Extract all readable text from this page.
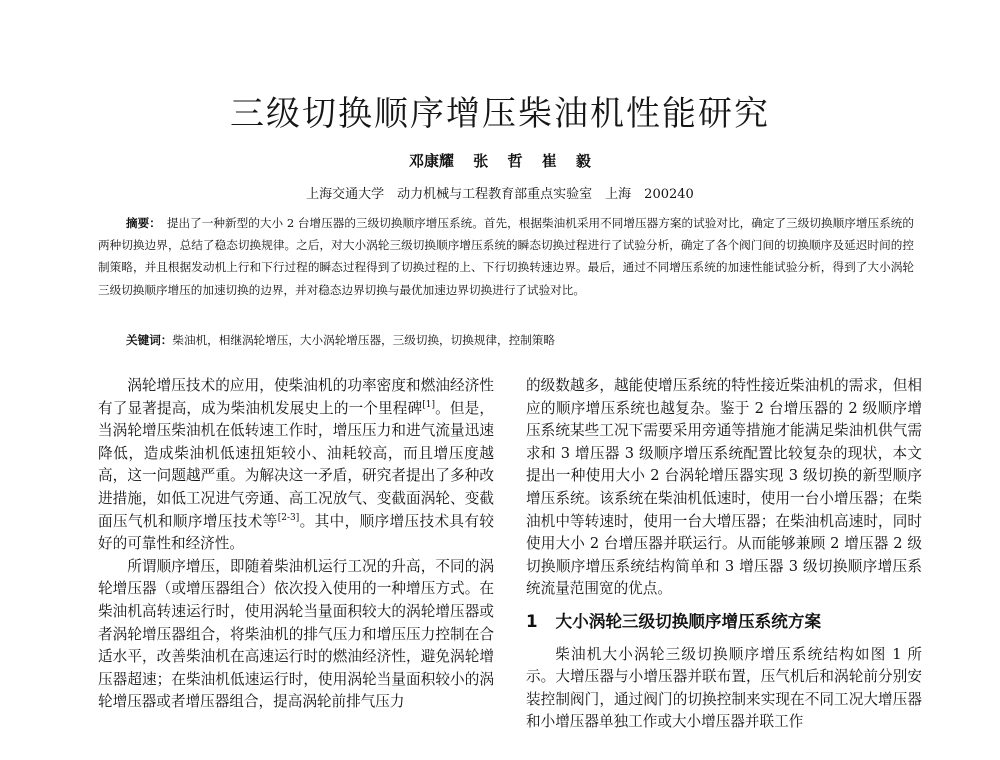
三级切换顺序增压柴油机性能研究
邓康耀 张 哲 崔 毅
上海交通大学　动力机械与工程教育部重点实验室　上海　200240
摘要： 提出了一种新型的大小 2 台增压器的三级切换顺序增压系统。首先，根据柴油机采用不同增压器方案的试验对比，确定了三级切换顺序增压系统的两种切换边界，总结了稳态切换规律。之后，对大小涡轮三级切换顺序增压系统的瞬态切换过程进行了试验分析，确定了各个阀门间的切换顺序及延迟时间的控制策略，并且根据发动机上行和下行过程的瞬态过程得到了切换过程的上、下行切换转速边界。最后，通过不同增压系统的加速性能试验分析，得到了大小涡轮三级切换顺序增压的加速切换的边界，并对稳态边界切换与最优加速边界切换进行了试验对比。
关键词：柴油机，相继涡轮增压，大小涡轮增压器，三级切换，切换规律，控制策略

涡轮增压技术的应用，使柴油机的功率密度和燃油经济性有了显著提高，成为柴油机发展史上的一个里程碑[1]。但是，当涡轮增压柴油机在低转速工作时，增压压力和进气流量迅速降低，造成柴油机低速扭矩较小、油耗较高，而且增压度越高，这一问题越严重。为解决这一矛盾，研究者提出了多种改进措施，如低工况进气旁通、高工况放气、变截面涡轮、变截面压气机和顺序增压技术等[2-3]。其中，顺序增压技术具有较好的可靠性和经济性。

所谓顺序增压，即随着柴油机运行工况的升高，不同的涡轮增压器（或增压器组合）依次投入使用的一种增压方式。在柴油机高转速运行时，使用涡轮当量面积较大的涡轮增压器或者涡轮增压器组合，将柴油机的排气压力和增压压力控制在合适水平，改善柴油机在高速运行时的燃油经济性，避免涡轮增压器超速；在柴油机低速运行时，使用涡轮当量面积较小的涡轮增压器或者增压器组合，提高涡轮前排气压力

的级数越多，越能使增压系统的特性接近柴油机的需求，但相应的顺序增压系统也越复杂。鉴于 2 台增压器的 2 级顺序增压系统某些工况下需要采用旁通等措施才能满足柴油机供气需求和 3 增压器 3 级顺序增压系统配置比较复杂的现状，本文提出一种使用大小 2 台涡轮增压器实现 3 级切换的新型顺序增压系统。该系统在柴油机低速时，使用一台小增压器；在柴油机中等转速时，使用一台大增压器；在柴油机高速时，同时使用大小 2 台增压器并联运行。从而能够兼顾 2 增压器 2 级切换顺序增压系统结构简单和 3 增压器 3 级切换顺序增压系统流量范围宽的优点。

1 大小涡轮三级切换顺序增压系统方案

柴油机大小涡轮三级切换顺序增压系统结构如图 1 所示。大增压器与小增压器并联布置，压气机后和涡轮前分别安装控制阀门，通过阀门的切换控制来实现在不同工况大增压器和小增压器单独工作或大小增压器并联工作
